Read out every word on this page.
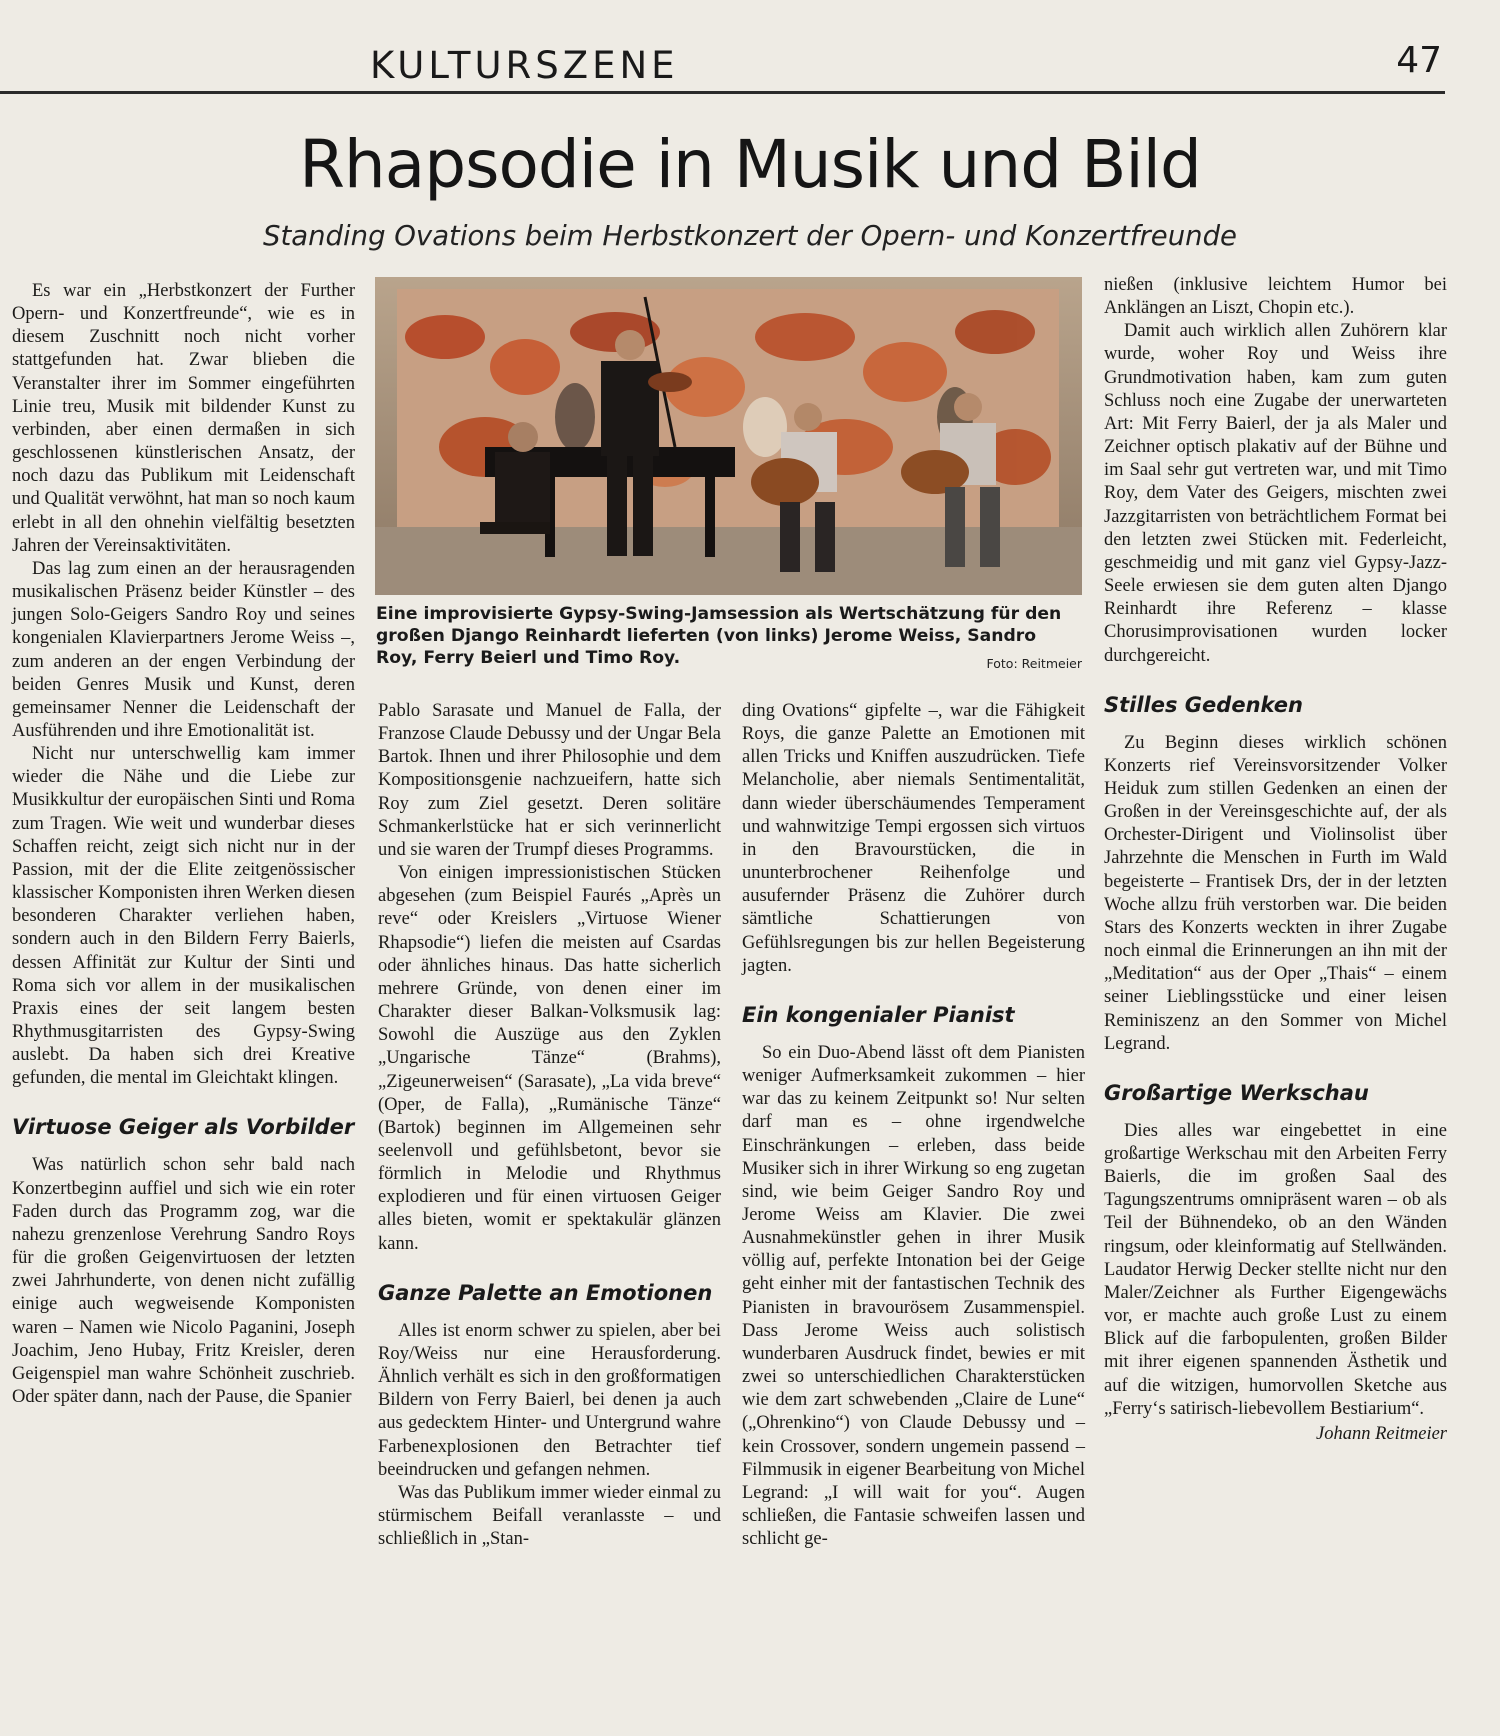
KULTURSZENE	47
Rhapsodie in Musik und Bild
Standing Ovations beim Herbstkonzert der Opern- und Konzertfreunde
Eine improvisierte Gypsy-Swing-Jamsession als Wertschätzung für den großen Django Reinhardt lieferten (von links) Jerome Weiss, Sandro Roy, Ferry Beierl und Timo Roy.	Foto: Reitmeier

Es war ein „Herbstkonzert der Further Opern- und Konzertfreunde“, wie es in diesem Zuschnitt noch nicht vorher stattgefunden hat. Zwar blieben die Veranstalter ihrer im Sommer eingeführten Linie treu, Musik mit bildender Kunst zu verbinden, aber einen dermaßen in sich geschlossenen künstlerischen Ansatz, der noch dazu das Publikum mit Leidenschaft und Qualität verwöhnt, hat man so noch kaum erlebt in all den ohnehin vielfältig besetzten Jahren der Vereinsaktivitäten.

Das lag zum einen an der herausragenden musikalischen Präsenz beider Künstler – des jungen Solo-Geigers Sandro Roy und seines kongenialen Klavierpartners Jerome Weiss –, zum anderen an der engen Verbindung der beiden Genres Musik und Kunst, deren gemeinsamer Nenner die Leidenschaft der Ausführenden und ihre Emotionalität ist.

Nicht nur unterschwellig kam immer wieder die Nähe und die Liebe zur Musikkultur der europäischen Sinti und Roma zum Tragen. Wie weit und wunderbar dieses Schaffen reicht, zeigt sich nicht nur in der Passion, mit der die Elite zeitgenössischer klassischer Komponisten ihren Werken diesen besonderen Charakter verliehen haben, sondern auch in den Bildern Ferry Baierls, dessen Affinität zur Kultur der Sinti und Roma sich vor allem in der musikalischen Praxis eines der seit langem besten Rhythmusgitarristen des Gypsy-Swing auslebt. Da haben sich drei Kreative gefunden, die mental im Gleichtakt klingen.

Virtuose Geiger als Vorbilder

Was natürlich schon sehr bald nach Konzertbeginn auffiel und sich wie ein roter Faden durch das Programm zog, war die nahezu grenzenlose Verehrung Sandro Roys für die großen Geigenvirtuosen der letzten zwei Jahrhunderte, von denen nicht zufällig einige auch wegweisende Komponisten waren – Namen wie Nicolo Paganini, Joseph Joachim, Jeno Hubay, Fritz Kreisler, deren Geigenspiel man wahre Schönheit zuschrieb. Oder später dann, nach der Pause, die Spanier

Pablo Sarasate und Manuel de Falla, der Franzose Claude Debussy und der Ungar Bela Bartok. Ihnen und ihrer Philosophie und dem Kompositionsgenie nachzueifern, hatte sich Roy zum Ziel gesetzt. Deren solitäre Schmankerlstücke hat er sich verinnerlicht und sie waren der Trumpf dieses Programms.

Von einigen impressionistischen Stücken abgesehen (zum Beispiel Faurés „Après un reve“ oder Kreislers „Virtuose Wiener Rhapsodie“) liefen die meisten auf Csardas oder ähnliches hinaus. Das hatte sicherlich mehrere Gründe, von denen einer im Charakter dieser Balkan-Volksmusik lag: Sowohl die Auszüge aus den Zyklen „Ungarische Tänze“ (Brahms), „Zigeunerweisen“ (Sarasate), „La vida breve“ (Oper, de Falla), „Rumänische Tänze“ (Bartok) beginnen im Allgemeinen sehr seelenvoll und gefühlsbetont, bevor sie förmlich in Melodie und Rhythmus explodieren und für einen virtuosen Geiger alles bieten, womit er spektakulär glänzen kann.

Ganze Palette an Emotionen

Alles ist enorm schwer zu spielen, aber bei Roy/Weiss nur eine Herausforderung. Ähnlich verhält es sich in den großformatigen Bildern von Ferry Baierl, bei denen ja auch aus gedecktem Hinter- und Untergrund wahre Farbenexplosionen den Betrachter tief beeindrucken und gefangen nehmen.

Was das Publikum immer wieder einmal zu stürmischem Beifall veranlasste – und schließlich in „Stan-

ding Ovations“ gipfelte –, war die Fähigkeit Roys, die ganze Palette an Emotionen mit allen Tricks und Kniffen auszudrücken. Tiefe Melancholie, aber niemals Sentimentalität, dann wieder überschäumendes Temperament und wahnwitzige Tempi ergossen sich virtuos in den Bravourstücken, die in ununterbrochener Reihenfolge und ausufernder Präsenz die Zuhörer durch sämtliche Schattierungen von Gefühlsregungen bis zur hellen Begeisterung jagten.

Ein kongenialer Pianist

So ein Duo-Abend lässt oft dem Pianisten weniger Aufmerksamkeit zukommen – hier war das zu keinem Zeitpunkt so! Nur selten darf man es – ohne irgendwelche Einschränkungen – erleben, dass beide Musiker sich in ihrer Wirkung so eng zugetan sind, wie beim Geiger Sandro Roy und Jerome Weiss am Klavier. Die zwei Ausnahmekünstler gehen in ihrer Musik völlig auf, perfekte Intonation bei der Geige geht einher mit der fantastischen Technik des Pianisten in bravourösem Zusammenspiel. Dass Jerome Weiss auch solistisch wunderbaren Ausdruck findet, bewies er mit zwei so unterschiedlichen Charakterstücken wie dem zart schwebenden „Claire de Lune“ („Ohrenkino“) von Claude Debussy und – kein Crossover, sondern ungemein passend – Filmmusik in eigener Bearbeitung von Michel Legrand: „I will wait for you“. Augen schließen, die Fantasie schweifen lassen und schlicht ge-

nießen (inklusive leichtem Humor bei Anklängen an Liszt, Chopin etc.).

Damit auch wirklich allen Zuhörern klar wurde, woher Roy und Weiss ihre Grundmotivation haben, kam zum guten Schluss noch eine Zugabe der unerwarteten Art: Mit Ferry Baierl, der ja als Maler und Zeichner optisch plakativ auf der Bühne und im Saal sehr gut vertreten war, und mit Timo Roy, dem Vater des Geigers, mischten zwei Jazzgitarristen von beträchtlichem Format bei den letzten zwei Stücken mit. Federleicht, geschmeidig und mit ganz viel Gypsy-Jazz-Seele erwiesen sie dem guten alten Django Reinhardt ihre Referenz – klasse Chorusimprovisationen wurden locker durchgereicht.

Stilles Gedenken

Zu Beginn dieses wirklich schönen Konzerts rief Vereinsvorsitzender Volker Heiduk zum stillen Gedenken an einen der Großen in der Vereinsgeschichte auf, der als Orchester-Dirigent und Violinsolist über Jahrzehnte die Menschen in Furth im Wald begeisterte – Frantisek Drs, der in der letzten Woche allzu früh verstorben war. Die beiden Stars des Konzerts weckten in ihrer Zugabe noch einmal die Erinnerungen an ihn mit der „Meditation“ aus der Oper „Thais“ – einem seiner Lieblingsstücke und einer leisen Reminiszenz an den Sommer von Michel Legrand.

Großartige Werkschau

Dies alles war eingebettet in eine großartige Werkschau mit den Arbeiten Ferry Baierls, die im großen Saal des Tagungszentrums omnipräsent waren – ob als Teil der Bühnendeko, ob an den Wänden ringsum, oder kleinformatig auf Stellwänden. Laudator Herwig Decker stellte nicht nur den Maler/Zeichner als Further Eigengewächs vor, er machte auch große Lust zu einem Blick auf die farbopulenten, großen Bilder mit ihrer eigenen spannenden Ästhetik und auf die witzigen, humorvollen Sketche aus „Ferry‘s satirisch-liebevollem Bestiarium“.

Johann Reitmeier
